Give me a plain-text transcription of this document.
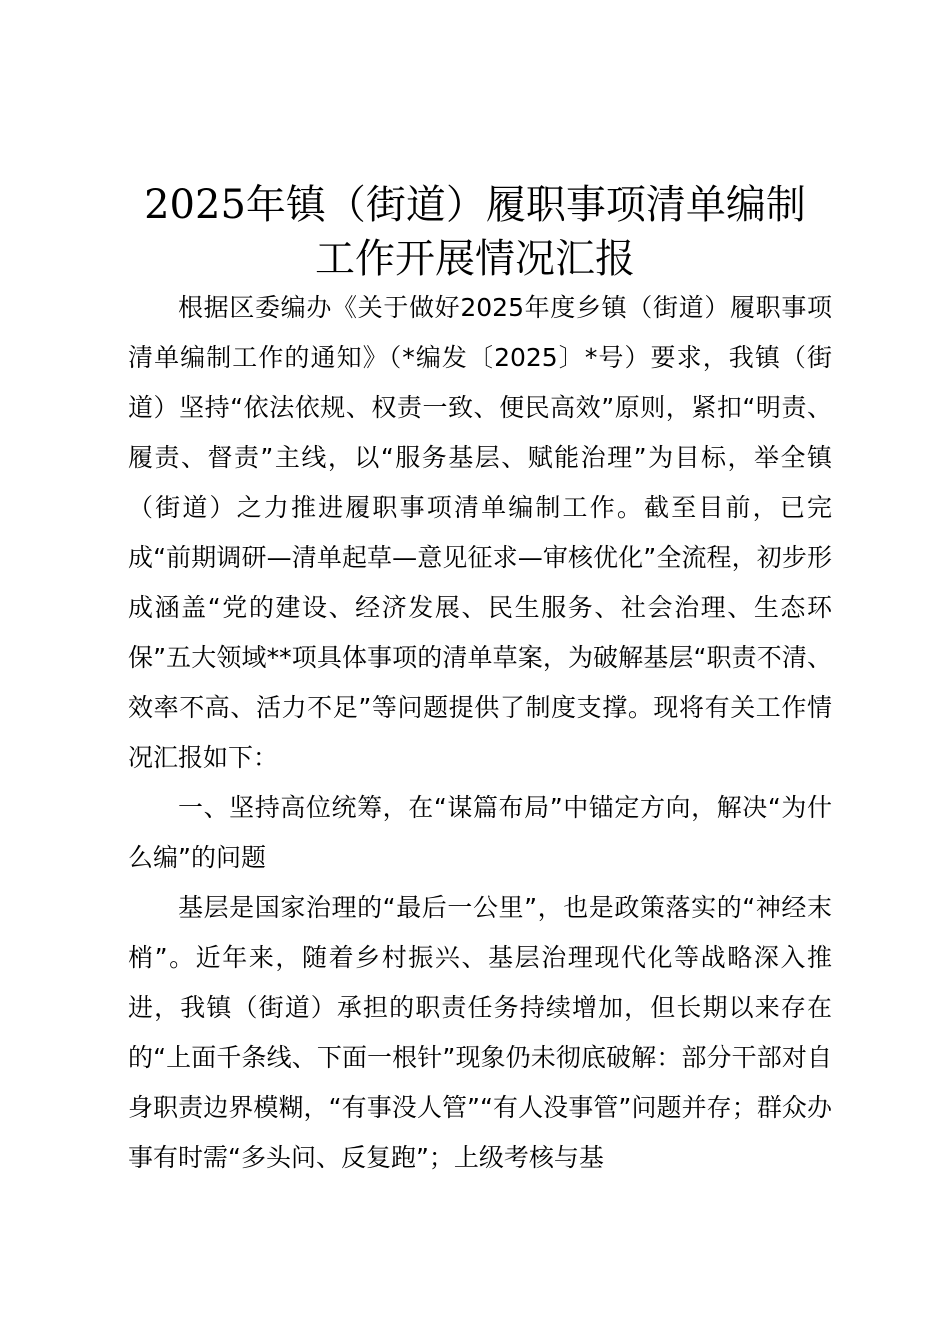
2025年镇（街道）履职事项清单编制
工作开展情况汇报

根据区委编办《关于做好2025年度乡镇（街道）履职事项清单编制工作的通知》（*编发〔2025〕*号）要求，我镇（街道）坚持“依法依规、权责一致、便民高效”原则，紧扣“明责、履责、督责”主线，以“服务基层、赋能治理”为目标，举全镇（街道）之力推进履职事项清单编制工作。截至目前，已完成“前期调研—清单起草—意见征求—审核优化”全流程，初步形成涵盖“党的建设、经济发展、民生服务、社会治理、生态环保”五大领域**项具体事项的清单草案，为破解基层“职责不清、效率不高、活力不足”等问题提供了制度支撑。现将有关工作情况汇报如下：

一、坚持高位统筹，在“谋篇布局”中锚定方向，解决“为什么编”的问题

基层是国家治理的“最后一公里”，也是政策落实的“神经末梢”。近年来，随着乡村振兴、基层治理现代化等战略深入推进，我镇（街道）承担的职责任务持续增加，但长期以来存在的“上面千条线、下面一根针”现象仍未彻底破解：部分干部对自身职责边界模糊，“有事没人管”“有人没事管”问题并存；群众办事有时需“多头问、反复跑”；上级考核与基
